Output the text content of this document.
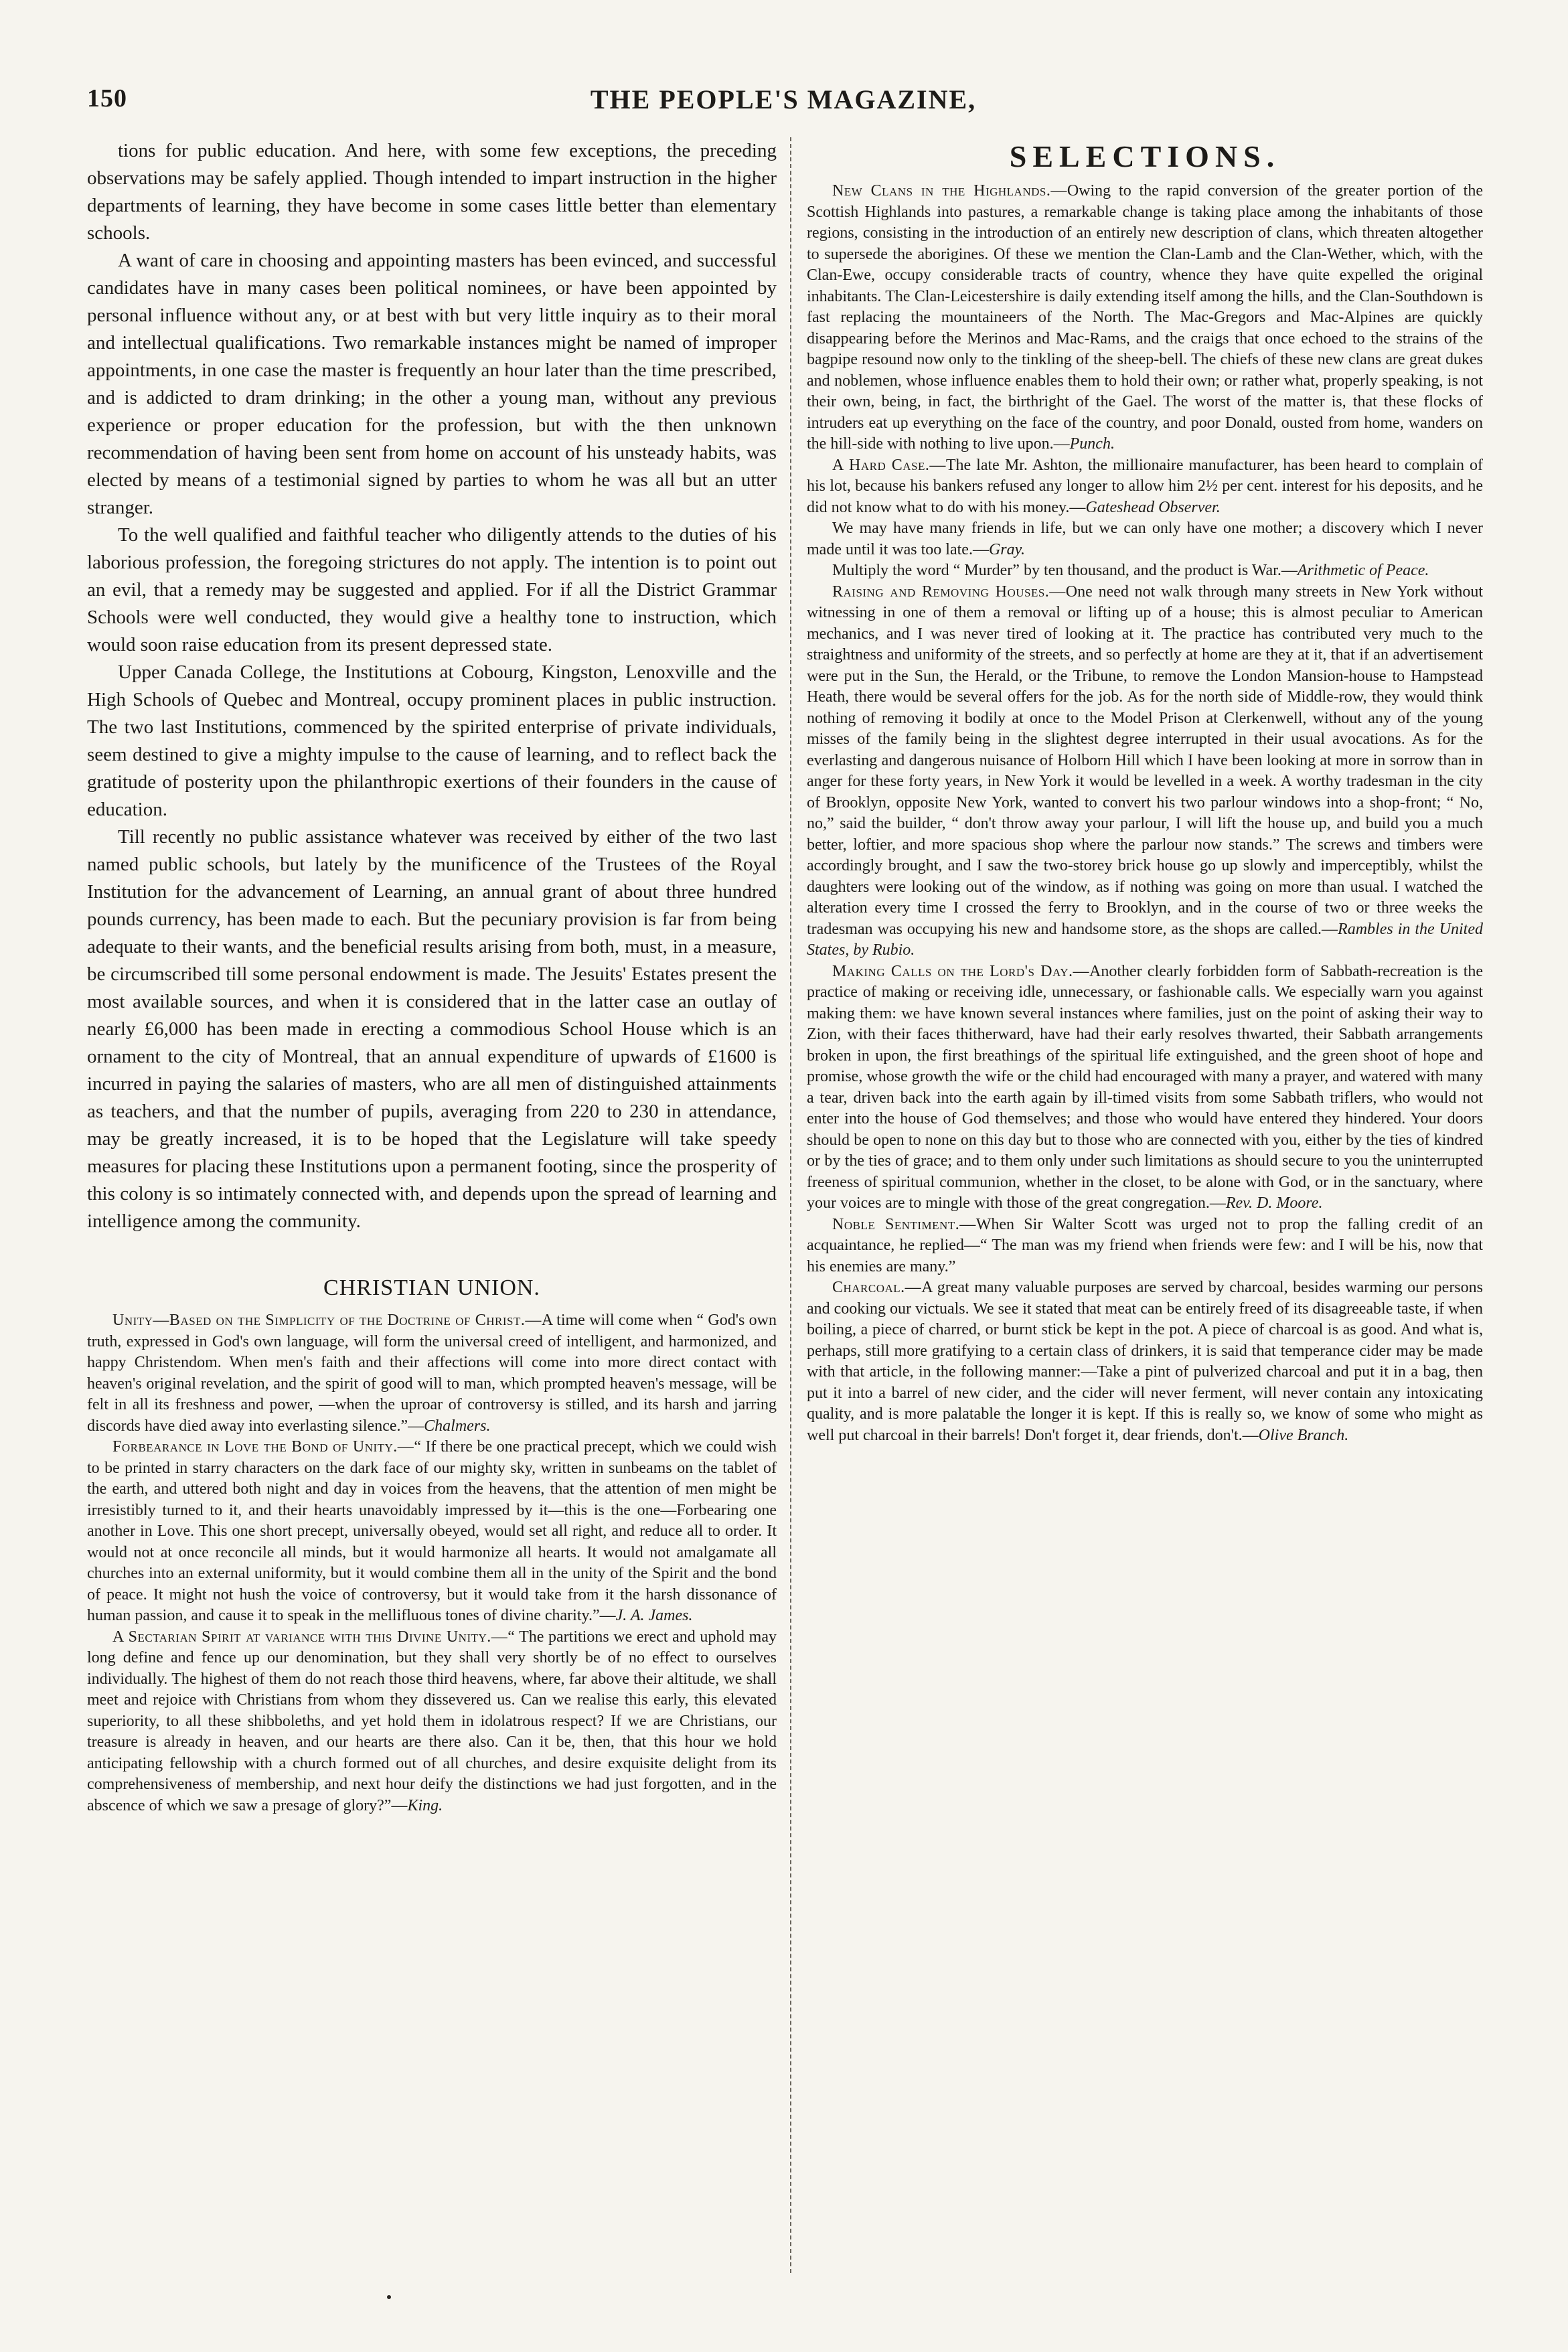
150	THE PEOPLE'S MAGAZINE,

tions for public education. And here, with some few exceptions, the preceding observations may be safely applied. Though intended to impart instruction in the higher departments of learning, they have become in some cases little better than elementary schools.

A want of care in choosing and appointing masters has been evinced, and successful candidates have in many cases been political nominees, or have been appointed by personal influence without any, or at best with but very little inquiry as to their moral and intellectual qualifications. Two remarkable instances might be named of improper appointments, in one case the master is frequently an hour later than the time prescribed, and is addicted to dram drinking; in the other a young man, without any previous experience or proper education for the profession, but with the then unknown recommendation of having been sent from home on account of his unsteady habits, was elected by means of a testimonial signed by parties to whom he was all but an utter stranger.

To the well qualified and faithful teacher who diligently attends to the duties of his laborious profession, the foregoing strictures do not apply. The intention is to point out an evil, that a remedy may be suggested and applied. For if all the District Grammar Schools were well conducted, they would give a healthy tone to instruction, which would soon raise education from its present depressed state.

Upper Canada College, the Institutions at Cobourg, Kingston, Lenoxville and the High Schools of Quebec and Montreal, occupy prominent places in public instruction. The two last Institutions, commenced by the spirited enterprise of private individuals, seem destined to give a mighty impulse to the cause of learning, and to reflect back the gratitude of posterity upon the philanthropic exertions of their founders in the cause of education.

Till recently no public assistance whatever was received by either of the two last named public schools, but lately by the munificence of the Trustees of the Royal Institution for the advancement of Learning, an annual grant of about three hundred pounds currency, has been made to each. But the pecuniary provision is far from being adequate to their wants, and the beneficial results arising from both, must, in a measure, be circumscribed till some personal endowment is made. The Jesuits' Estates present the most available sources, and when it is considered that in the latter case an outlay of nearly £6,000 has been made in erecting a commodious School House which is an ornament to the city of Montreal, that an annual expenditure of upwards of £1600 is incurred in paying the salaries of masters, who are all men of distinguished attainments as teachers, and that the number of pupils, averaging from 220 to 230 in attendance, may be greatly increased, it is to be hoped that the Legislature will take speedy measures for placing these Institutions upon a permanent footing, since the prosperity of this colony is so intimately connected with, and depends upon the spread of learning and intelligence among the community.

CHRISTIAN UNION.

Unity—Based on the Simplicity of the Doctrine of Christ.—A time will come when “ God's own truth, expressed in God's own language, will form the universal creed of intelligent, and harmonized, and happy Christendom. When men's faith and their affections will come into more direct contact with heaven's original revelation, and the spirit of good will to man, which prompted heaven's message, will be felt in all its freshness and power, —when the uproar of controversy is stilled, and its harsh and jarring discords have died away into everlasting silence.”—Chalmers.

Forbearance in Love the Bond of Unity.—“ If there be one practical precept, which we could wish to be printed in starry characters on the dark face of our mighty sky, written in sunbeams on the tablet of the earth, and uttered both night and day in voices from the heavens, that the attention of men might be irresistibly turned to it, and their hearts unavoidably impressed by it—this is the one—Forbearing one another in Love. This one short precept, universally obeyed, would set all right, and reduce all to order. It would not at once reconcile all minds, but it would harmonize all hearts. It would not amalgamate all churches into an external uniformity, but it would combine them all in the unity of the Spirit and the bond of peace. It might not hush the voice of controversy, but it would take from it the harsh dissonance of human passion, and cause it to speak in the mellifluous tones of divine charity.”—J. A. James.

A Sectarian Spirit at variance with this Divine Unity.—“ The partitions we erect and uphold may long define and fence up our denomination, but they shall very shortly be of no effect to ourselves individually. The highest of them do not reach those third heavens, where, far above their altitude, we shall meet and rejoice with Christians from whom they dissevered us. Can we realise this early, this elevated superiority, to all these shibboleths, and yet hold them in idolatrous respect? If we are Christians, our treasure is already in heaven, and our hearts are there also. Can it be, then, that this hour we hold anticipating fellowship with a church formed out of all churches, and desire exquisite delight from its comprehensiveness of membership, and next hour deify the distinctions we had just forgotten, and in the abscence of which we saw a presage of glory?”—King.

SELECTIONS.

New Clans in the Highlands.—Owing to the rapid conversion of the greater portion of the Scottish Highlands into pastures, a remarkable change is taking place among the inhabitants of those regions, consisting in the introduction of an entirely new description of clans, which threaten altogether to supersede the aborigines. Of these we mention the Clan-Lamb and the Clan-Wether, which, with the Clan-Ewe, occupy considerable tracts of country, whence they have quite expelled the original inhabitants. The Clan-Leicestershire is daily extending itself among the hills, and the Clan-Southdown is fast replacing the mountaineers of the North. The Mac-Gregors and Mac-Alpines are quickly disappearing before the Merinos and Mac-Rams, and the craigs that once echoed to the strains of the bagpipe resound now only to the tinkling of the sheep-bell. The chiefs of these new clans are great dukes and noblemen, whose influence enables them to hold their own; or rather what, properly speaking, is not their own, being, in fact, the birthright of the Gael. The worst of the matter is, that these flocks of intruders eat up everything on the face of the country, and poor Donald, ousted from home, wanders on the hill-side with nothing to live upon.—Punch.

A Hard Case.—The late Mr. Ashton, the millionaire manufacturer, has been heard to complain of his lot, because his bankers refused any longer to allow him 2½ per cent. interest for his deposits, and he did not know what to do with his money.—Gateshead Observer.

We may have many friends in life, but we can only have one mother; a discovery which I never made until it was too late.—Gray.

Multiply the word “ Murder” by ten thousand, and the product is War.—Arithmetic of Peace.

Raising and Removing Houses.—One need not walk through many streets in New York without witnessing in one of them a removal or lifting up of a house; this is almost peculiar to American mechanics, and I was never tired of looking at it. The practice has contributed very much to the straightness and uniformity of the streets, and so perfectly at home are they at it, that if an advertisement were put in the Sun, the Herald, or the Tribune, to remove the London Mansion-house to Hampstead Heath, there would be several offers for the job. As for the north side of Middle-row, they would think nothing of removing it bodily at once to the Model Prison at Clerkenwell, without any of the young misses of the family being in the slightest degree interrupted in their usual avocations. As for the everlasting and dangerous nuisance of Holborn Hill which I have been looking at more in sorrow than in anger for these forty years, in New York it would be levelled in a week. A worthy tradesman in the city of Brooklyn, opposite New York, wanted to convert his two parlour windows into a shop-front; “ No, no,” said the builder, “ don't throw away your parlour, I will lift the house up, and build you a much better, loftier, and more spacious shop where the parlour now stands.” The screws and timbers were accordingly brought, and I saw the two-storey brick house go up slowly and imperceptibly, whilst the daughters were looking out of the window, as if nothing was going on more than usual. I watched the alteration every time I crossed the ferry to Brooklyn, and in the course of two or three weeks the tradesman was occupying his new and handsome store, as the shops are called.—Rambles in the United States, by Rubio.

Making Calls on the Lord's Day.—Another clearly forbidden form of Sabbath-recreation is the practice of making or receiving idle, unnecessary, or fashionable calls. We especially warn you against making them: we have known several instances where families, just on the point of asking their way to Zion, with their faces thitherward, have had their early resolves thwarted, their Sabbath arrangements broken in upon, the first breathings of the spiritual life extinguished, and the green shoot of hope and promise, whose growth the wife or the child had encouraged with many a prayer, and watered with many a tear, driven back into the earth again by ill-timed visits from some Sabbath triflers, who would not enter into the house of God themselves; and those who would have entered they hindered. Your doors should be open to none on this day but to those who are connected with you, either by the ties of kindred or by the ties of grace; and to them only under such limitations as should secure to you the uninterrupted freeness of spiritual communion, whether in the closet, to be alone with God, or in the sanctuary, where your voices are to mingle with those of the great congregation.—Rev. D. Moore.

Noble Sentiment.—When Sir Walter Scott was urged not to prop the falling credit of an acquaintance, he replied—“ The man was my friend when friends were few: and I will be his, now that his enemies are many.”

Charcoal.—A great many valuable purposes are served by charcoal, besides warming our persons and cooking our victuals. We see it stated that meat can be entirely freed of its disagreeable taste, if when boiling, a piece of charred, or burnt stick be kept in the pot. A piece of charcoal is as good. And what is, perhaps, still more gratifying to a certain class of drinkers, it is said that temperance cider may be made with that article, in the following manner:—Take a pint of pulverized charcoal and put it in a bag, then put it into a barrel of new cider, and the cider will never ferment, will never contain any intoxicating quality, and is more palatable the longer it is kept. If this is really so, we know of some who might as well put charcoal in their barrels! Don't forget it, dear friends, don't.—Olive Branch.
